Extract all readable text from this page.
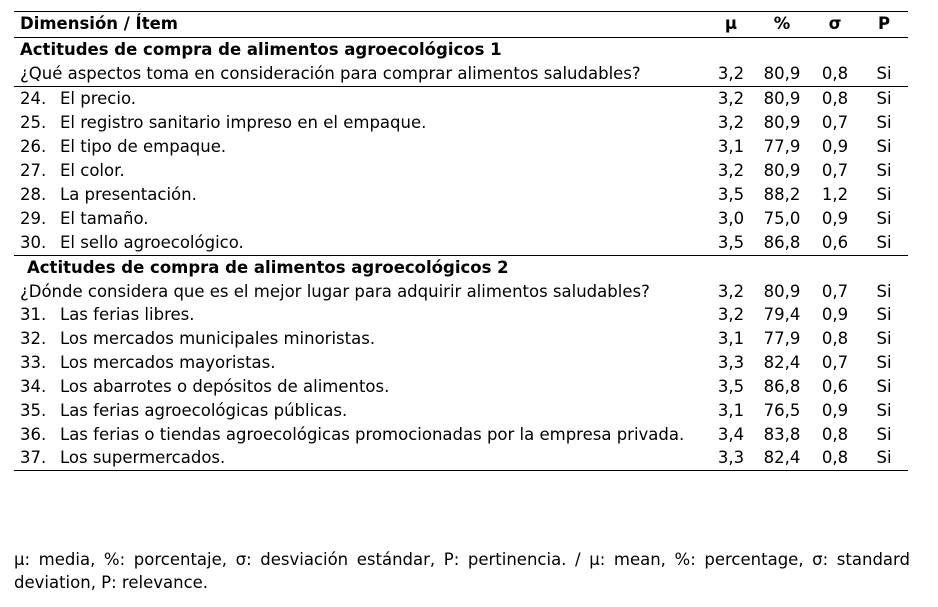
Dimensión / Ítem	μ	%	σ	P
Actitudes de compra de alimentos agroecológicos 1				
¿Qué aspectos toma en consideración para comprar alimentos saludables?	3,2	80,9	0,8	Si
24. El precio.	3,2	80,9	0,8	Si
25. El registro sanitario impreso en el empaque.	3,2	80,9	0,7	Si
26. El tipo de empaque.	3,1	77,9	0,9	Si
27. El color.	3,2	80,9	0,7	Si
28. La presentación.	3,5	88,2	1,2	Si
29. El tamaño.	3,0	75,0	0,9	Si
30. El sello agroecológico.	3,5	86,8	0,6	Si
Actitudes de compra de alimentos agroecológicos 2				
¿Dónde considera que es el mejor lugar para adquirir alimentos saludables?	3,2	80,9	0,7	Si
31. Las ferias libres.	3,2	79,4	0,9	Si
32. Los mercados municipales minoristas.	3,1	77,9	0,8	Si
33. Los mercados mayoristas.	3,3	82,4	0,7	Si
34. Los abarrotes o depósitos de alimentos.	3,5	86,8	0,6	Si
35. Las ferias agroecológicas públicas.	3,1	76,5	0,9	Si
36. Las ferias o tiendas agroecológicas promocionadas por la empresa privada.	3,4	83,8	0,8	Si
37. Los supermercados.	3,3	82,4	0,8	Si
μ: media, %: porcentaje, σ: desviación estándar, P: pertinencia. / μ: mean, %: percentage, σ: standard deviation, P: relevance.
